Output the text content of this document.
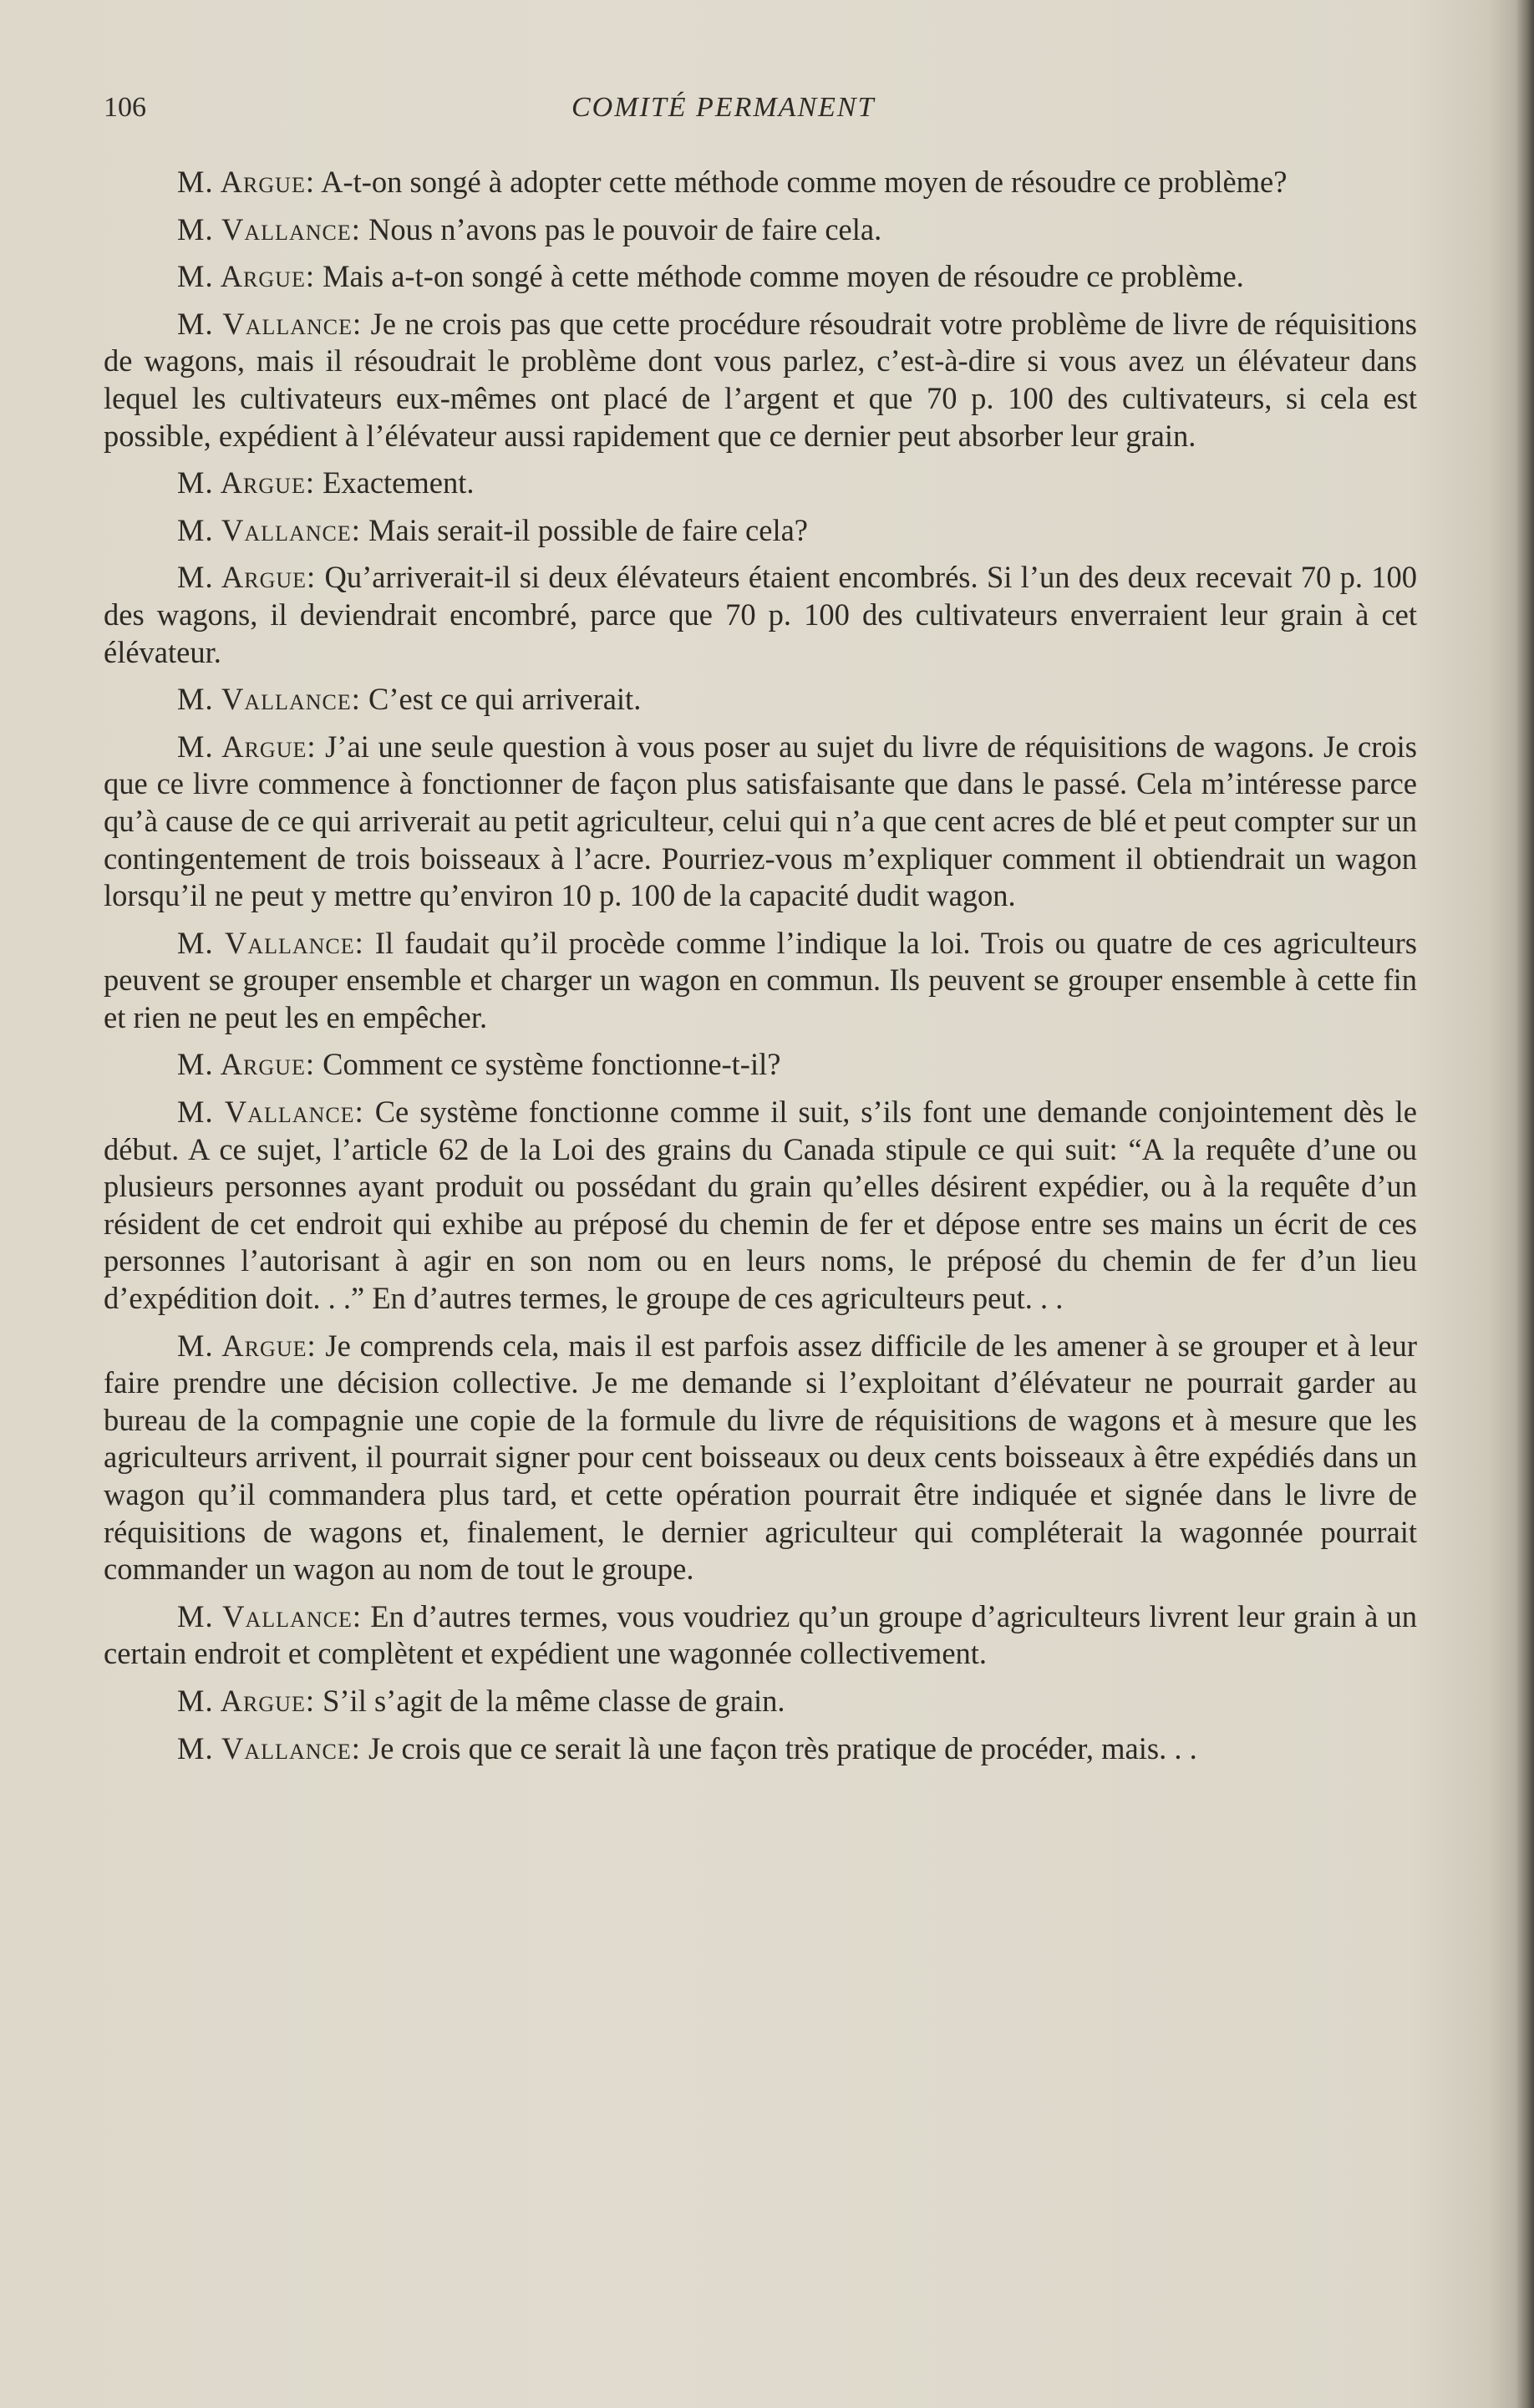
106	COMITÉ PERMANENT

M. Argue: A-t-on songé à adopter cette méthode comme moyen de résoudre ce problème?

M. Vallance: Nous n’avons pas le pouvoir de faire cela.

M. Argue: Mais a-t-on songé à cette méthode comme moyen de résoudre ce problème.

M. Vallance: Je ne crois pas que cette procédure résoudrait votre problème de livre de réquisitions de wagons, mais il résoudrait le problème dont vous parlez, c’est-à-dire si vous avez un élévateur dans lequel les cultivateurs eux-mêmes ont placé de l’argent et que 70 p. 100 des cultivateurs, si cela est possible, expédient à l’élévateur aussi rapidement que ce dernier peut absorber leur grain.

M. Argue: Exactement.

M. Vallance: Mais serait-il possible de faire cela?

M. Argue: Qu’arriverait-il si deux élévateurs étaient encombrés. Si l’un des deux recevait 70 p. 100 des wagons, il deviendrait encombré, parce que 70 p. 100 des cultivateurs enverraient leur grain à cet élévateur.

M. Vallance: C’est ce qui arriverait.

M. Argue: J’ai une seule question à vous poser au sujet du livre de réquisitions de wagons. Je crois que ce livre commence à fonctionner de façon plus satisfaisante que dans le passé. Cela m’intéresse parce qu’à cause de ce qui arriverait au petit agriculteur, celui qui n’a que cent acres de blé et peut compter sur un contingentement de trois boisseaux à l’acre. Pourriez-vous m’expliquer comment il obtiendrait un wagon lorsqu’il ne peut y mettre qu’environ 10 p. 100 de la capacité dudit wagon.

M. Vallance: Il faudait qu’il procède comme l’indique la loi. Trois ou quatre de ces agriculteurs peuvent se grouper ensemble et charger un wagon en commun. Ils peuvent se grouper ensemble à cette fin et rien ne peut les en empêcher.

M. Argue: Comment ce système fonctionne-t-il?

M. Vallance: Ce système fonctionne comme il suit, s’ils font une demande conjointement dès le début. A ce sujet, l’article 62 de la Loi des grains du Canada stipule ce qui suit: “A la requête d’une ou plusieurs personnes ayant produit ou possédant du grain qu’elles désirent expédier, ou à la requête d’un résident de cet endroit qui exhibe au préposé du chemin de fer et dépose entre ses mains un écrit de ces personnes l’autorisant à agir en son nom ou en leurs noms, le préposé du chemin de fer d’un lieu d’expédition doit. . .” En d’autres termes, le groupe de ces agriculteurs peut. . .

M. Argue: Je comprends cela, mais il est parfois assez difficile de les amener à se grouper et à leur faire prendre une décision collective. Je me demande si l’exploitant d’élévateur ne pourrait garder au bureau de la compagnie une copie de la formule du livre de réquisitions de wagons et à mesure que les agriculteurs arrivent, il pourrait signer pour cent boisseaux ou deux cents boisseaux à être expédiés dans un wagon qu’il commandera plus tard, et cette opération pourrait être indiquée et signée dans le livre de réquisitions de wagons et, finalement, le dernier agriculteur qui compléterait la wagonnée pourrait commander un wagon au nom de tout le groupe.

M. Vallance: En d’autres termes, vous voudriez qu’un groupe d’agriculteurs livrent leur grain à un certain endroit et complètent et expédient une wagonnée collectivement.

M. Argue: S’il s’agit de la même classe de grain.

M. Vallance: Je crois que ce serait là une façon très pratique de procéder, mais. . .
